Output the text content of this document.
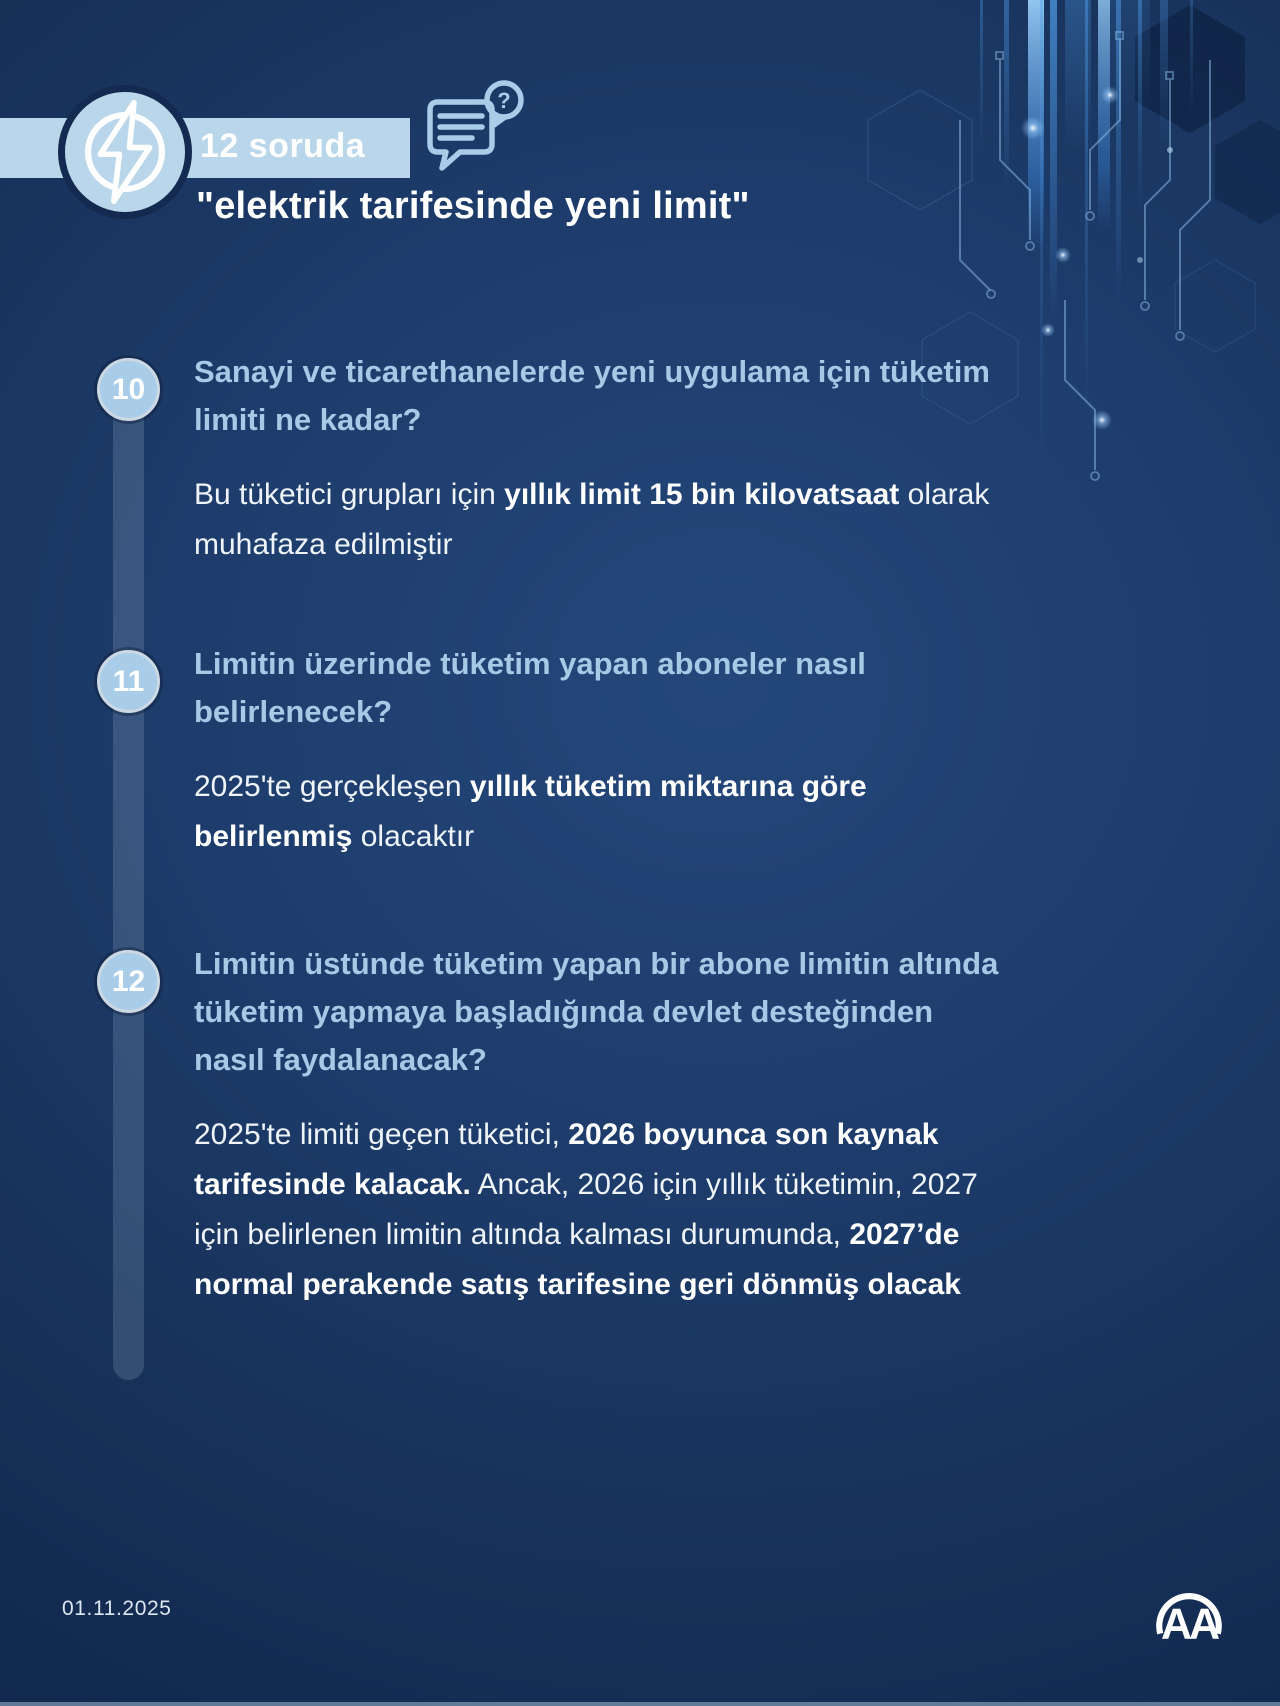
12 soruda
?
"elektrik tarifesinde yeni limit"
10	Sanayi ve ticarethanelerde yeni uygulama için tüketim limiti ne kadar?

Bu tüketici grupları için yıllık limit 15 bin kilovatsaat olarak muhafaza edilmiştir

11	Limitin üzerinde tüketim yapan aboneler nasıl belirlenecek?

2025'te gerçekleşen yıllık tüketim miktarına göre belirlenmiş olacaktır

12	Limitin üstünde tüketim yapan bir abone limitin altında tüketim yapmaya başladığında devlet desteğinden nasıl faydalanacak?

2025'te limiti geçen tüketici, 2026 boyunca son kaynak tarifesinde kalacak. Ancak, 2026 için yıllık tüketimin, 2027 için belirlenen limitin altında kalması durumunda, 2027’de normal perakende satış tarifesine geri dönmüş olacak

01.11.2025	AA
